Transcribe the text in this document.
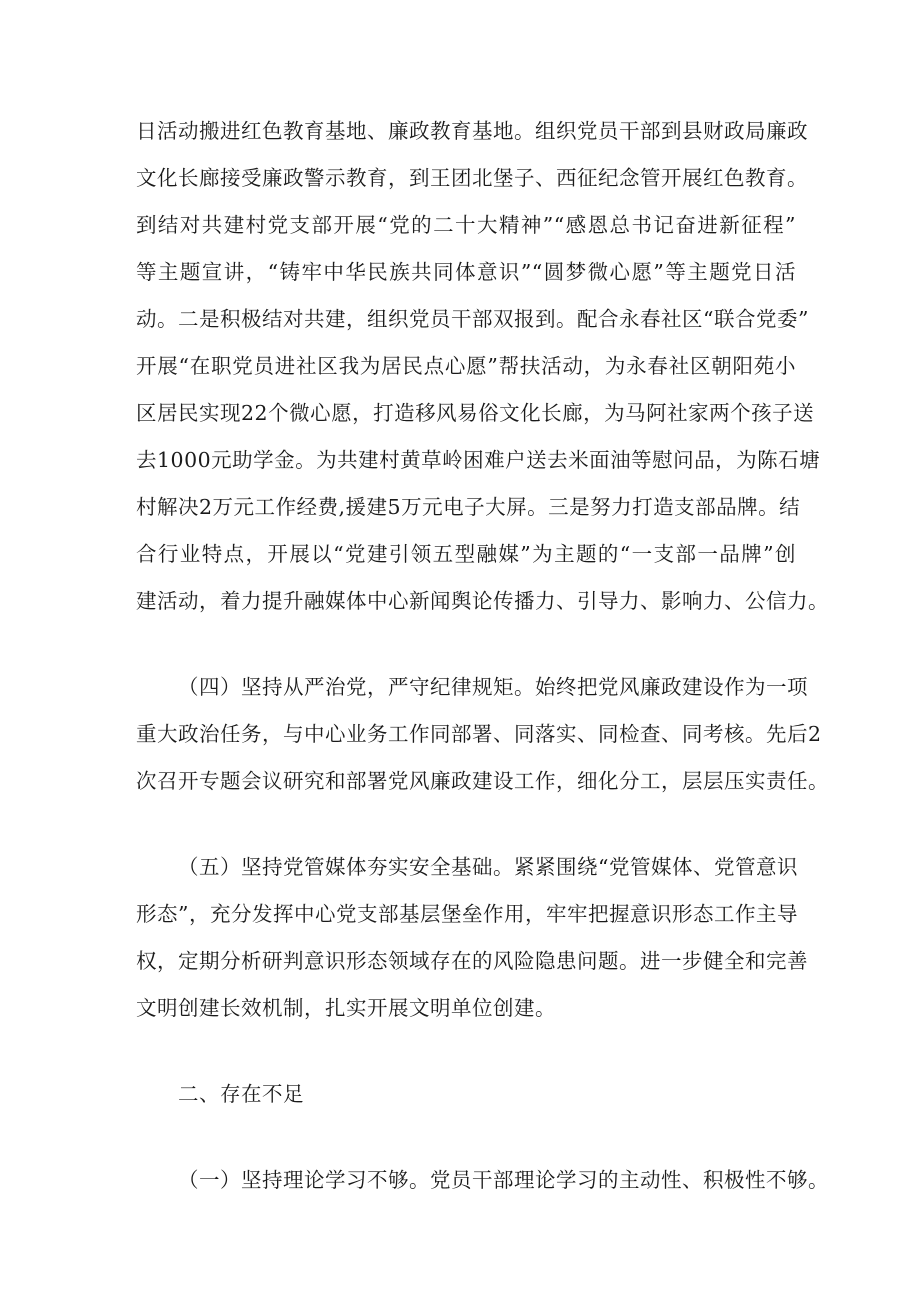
日活动搬进红色教育基地、廉政教育基地。组织党员干部到县财政局廉政
文化长廊接受廉政警示教育，到王团北堡子、西征纪念管开展红色教育。
到结对共建村党支部开展“党的二十大精神”“感恩总书记奋进新征程”
等主题宣讲，“铸牢中华民族共同体意识”“圆梦微心愿”等主题党日活
动。二是积极结对共建，组织党员干部双报到。配合永春社区“联合党委”
开展“在职党员进社区我为居民点心愿”帮扶活动，为永春社区朝阳苑小
区居民实现22个微心愿，打造移风易俗文化长廊，为马阿社家两个孩子送
去1000元助学金。为共建村黄草岭困难户送去米面油等慰问品，为陈石塘
村解决2万元工作经费,援建5万元电子大屏。三是努力打造支部品牌。结
合行业特点，开展以“党建引领五型融媒”为主题的“一支部一品牌”创
建活动，着力提升融媒体中心新闻舆论传播力、引导力、影响力、公信力。
（四）坚持从严治党，严守纪律规矩。始终把党风廉政建设作为一项
重大政治任务，与中心业务工作同部署、同落实、同检查、同考核。先后2
次召开专题会议研究和部署党风廉政建设工作，细化分工，层层压实责任。
（五）坚持党管媒体夯实安全基础。紧紧围绕“党管媒体、党管意识
形态”，充分发挥中心党支部基层堡垒作用，牢牢把握意识形态工作主导
权，定期分析研判意识形态领域存在的风险隐患问题。进一步健全和完善
文明创建长效机制，扎实开展文明单位创建。
二、存在不足
（一）坚持理论学习不够。党员干部理论学习的主动性、积极性不够。
